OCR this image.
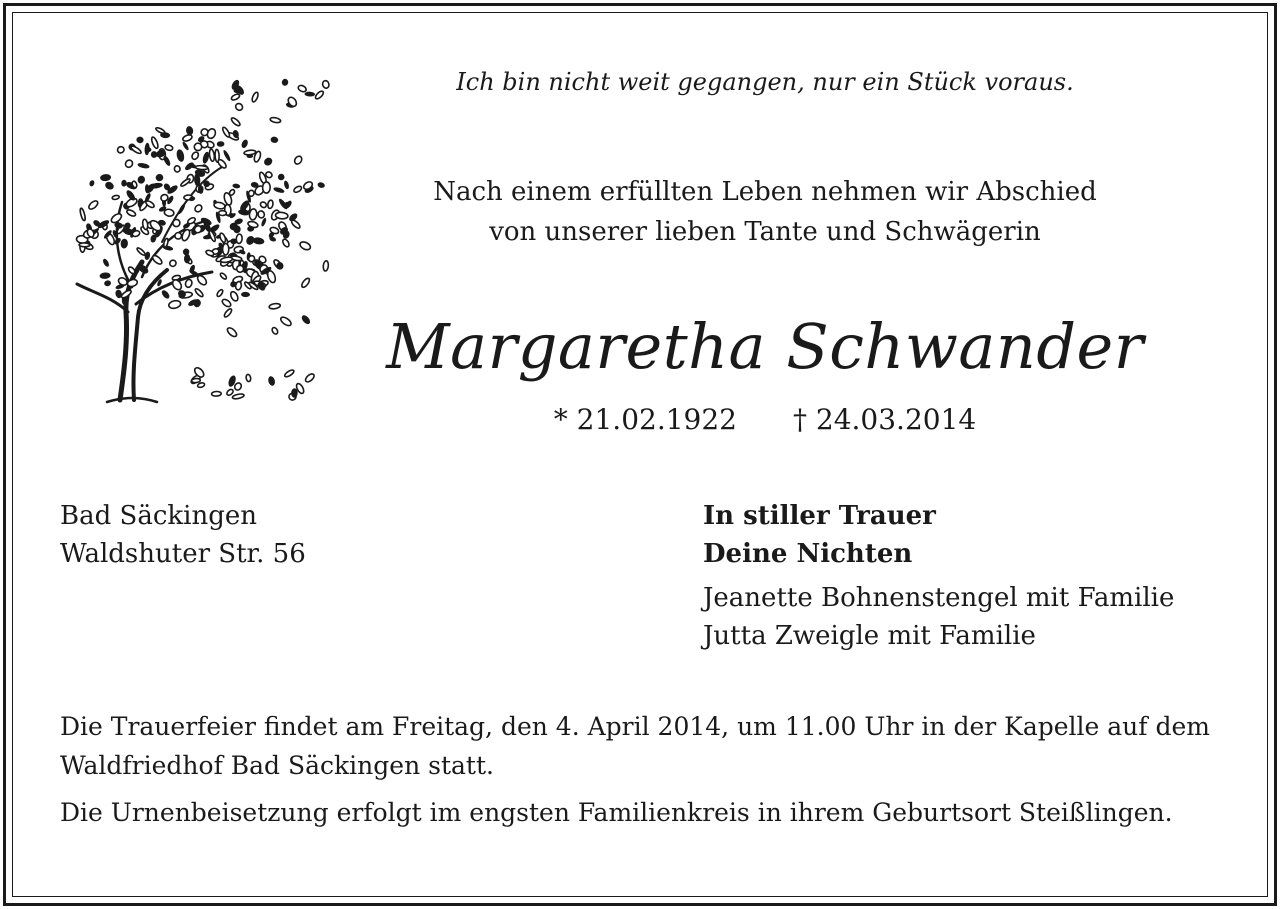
Ich bin nicht weit gegangen, nur ein Stück voraus.
Nach einem erfüllten Leben nehmen wir Abschied
von unserer lieben Tante und Schwägerin
Margaretha Schwander
* 21.02.1922 † 24.03.2014
Bad Säckingen
Waldshuter Str. 56
In stiller Trauer
Deine Nichten
Jeanette Bohnenstengel mit Familie
Jutta Zweigle mit Familie

Die Trauerfeier findet am Freitag, den 4. April 2014, um 11.00 Uhr in der Kapelle auf dem Waldfriedhof Bad Säckingen statt.

Die Urnenbeisetzung erfolgt im engsten Familienkreis in ihrem Geburtsort Steißlingen.
